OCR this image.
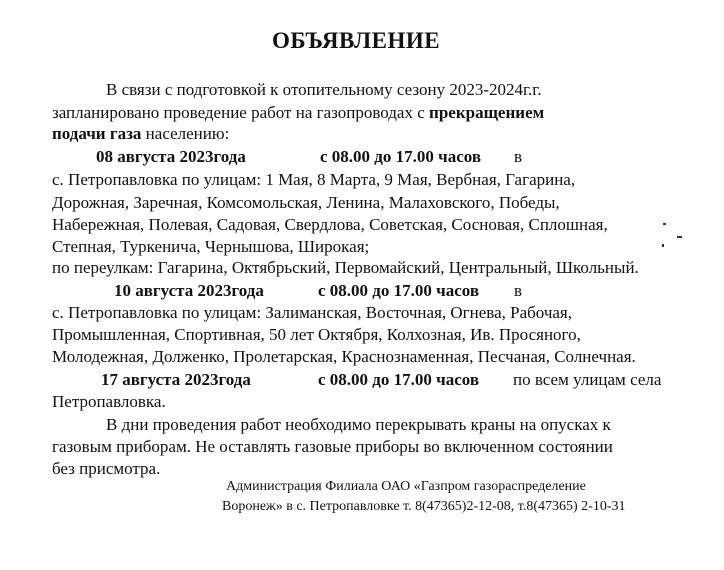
ОБЪЯВЛЕНИЕ
В связи с подготовкой к отопительному сезону 2023-2024г.г.
запланировано проведение работ на газопроводах с прекращением
подачи газа населению:
08 августа 2023года	с 08.00 до 17.00 часов в
с. Петропавловка по улицам: 1 Мая, 8 Марта, 9 Мая, Вербная, Гагарина,
Дорожная, Заречная, Комсомольская, Ленина, Малаховского, Победы,
Набережная, Полевая, Садовая, Свердлова, Советская, Сосновая, Сплошная,
Степная, Туркенича, Чернышова, Широкая;
по переулкам: Гагарина, Октябрьский, Первомайский, Центральный, Школьный.
10 августа 2023года	с 08.00 до 17.00 часов в
с. Петропавловка по улицам: Залиманская, Восточная, Огнева, Рабочая,
Промышленная, Спортивная, 50 лет Октября, Колхозная, Ив. Просяного,
Молодежная, Долженко, Пролетарская, Краснознаменная, Песчаная, Солнечная.
17 августа 2023года	с 08.00 до 17.00 часов по всем улицам села
Петропавловка.
В дни проведения работ необходимо перекрывать краны на опусках к
газовым приборам. Не оставлять газовые приборы во включенном состоянии
без присмотра.
Администрация Филиала ОАО «Газпром газораспределение
Воронеж» в с. Петропавловке т. 8(47365)2-12-08, т.8(47365) 2-10-31
